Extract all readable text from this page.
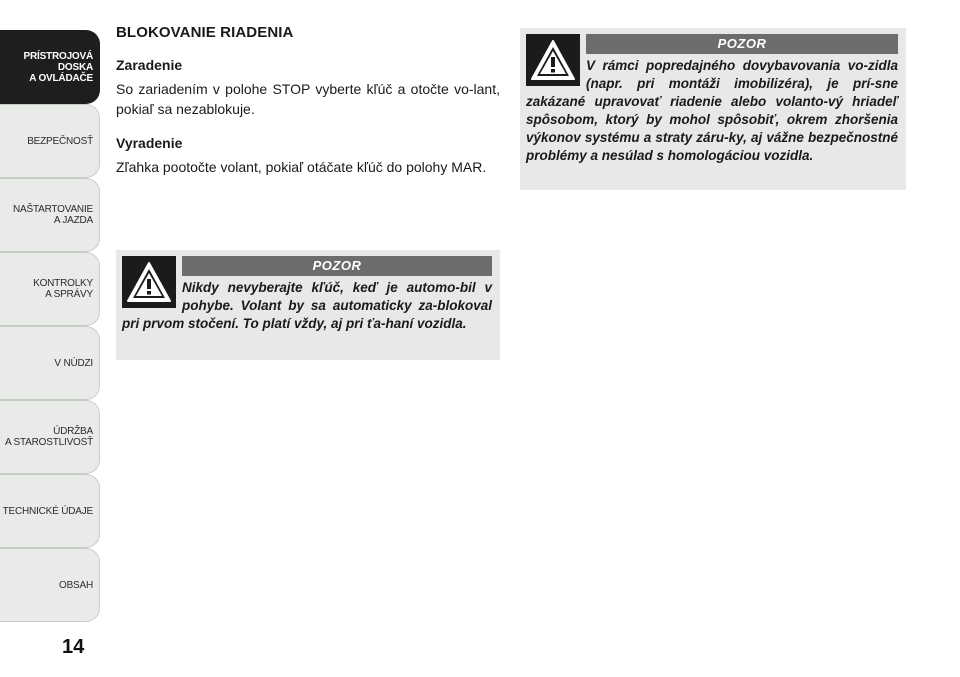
PRÍSTROJOVÁ
DOSKA
A OVLÁDAČE
BEZPEČNOSŤ
NAŠTARTOVANIE
A JAZDA
KONTROLKY
A SPRÁVY
V NÚDZI
ÚDRŽBA
A STAROSTLIVOSŤ
TECHNICKÉ ÚDAJE
OBSAH
14
BLOKOVANIE RIADENIA
Zaradenie
So zariadením v polohe STOP vyberte kľúč a otočte vo-lant, pokiaľ sa nezablokuje.
Vyradenie
Zľahka pootočte volant, pokiaľ otáčate kľúč do polohy MAR.
POZOR
Nikdy nevyberajte kľúč, keď je automo-bil v pohybe. Volant by sa automaticky za-blokoval pri prvom stočení. To platí vždy, aj pri ťa-haní vozidla.
POZOR
V rámci popredajného dovybavovania vo-zidla (napr. pri montáži imobilizéra), je prí-sne zakázané upravovať riadenie alebo volanto-vý hriadeľ spôsobom, ktorý by mohol spôsobiť, okrem zhoršenia výkonov systému a straty záru-ky, aj vážne bezpečnostné problémy a nesúlad s homologáciou vozidla.
